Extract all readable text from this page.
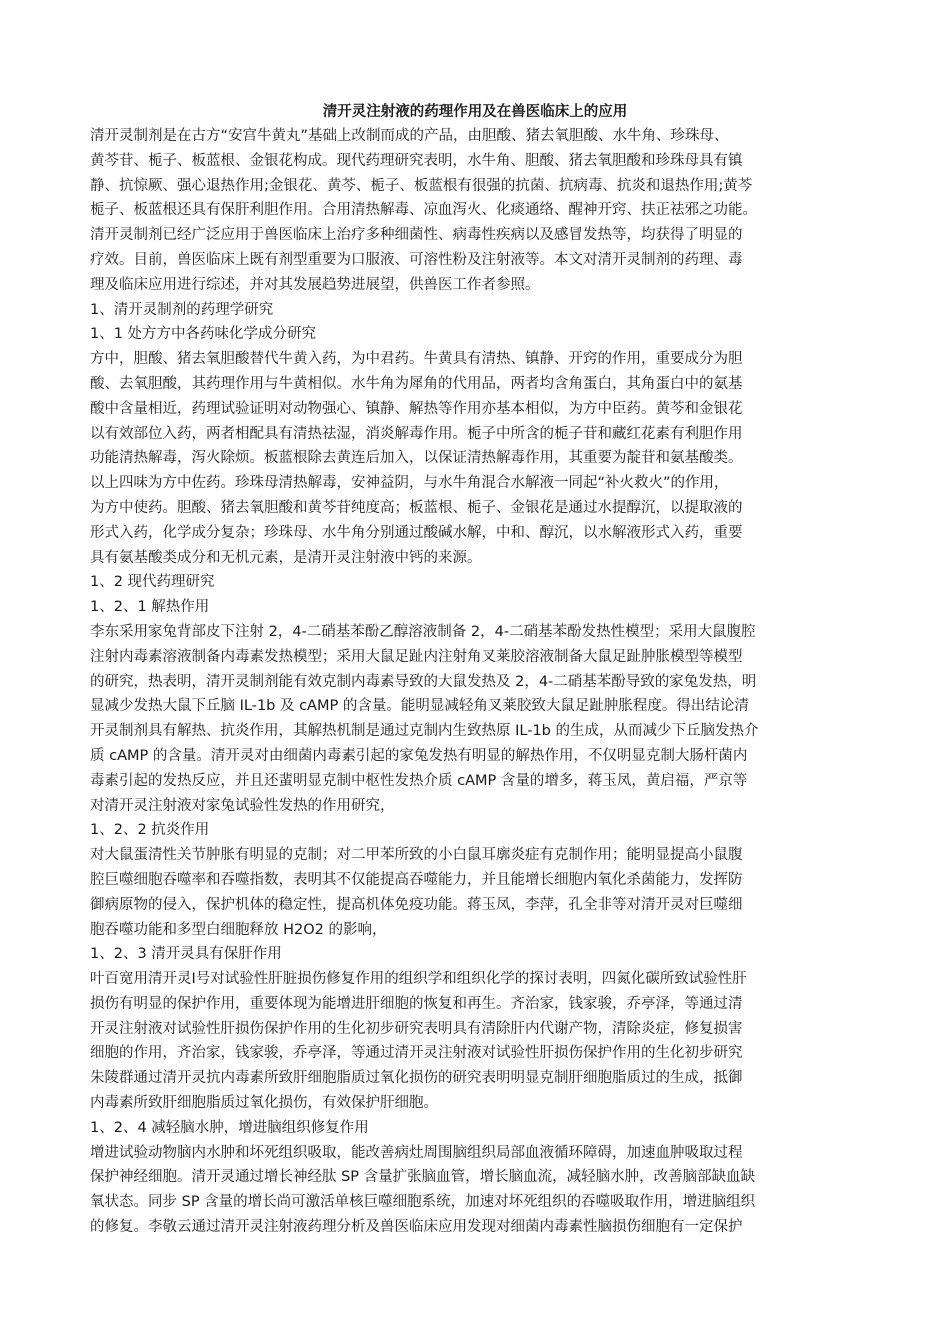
清开灵注射液的药理作用及在兽医临床上的应用
清开灵制剂是在古方“安宫牛黄丸”基础上改制而成的产品，由胆酸、猪去氧胆酸、水牛角、珍珠母、
黄芩苷、栀子、板蓝根、金银花构成。现代药理研究表明，水牛角、胆酸、猪去氧胆酸和珍珠母具有镇
静、抗惊厥、强心退热作用;金银花、黄芩、栀子、板蓝根有很强的抗菌、抗病毒、抗炎和退热作用;黄芩
栀子、板蓝根还具有保肝利胆作用。合用清热解毒、凉血泻火、化痰通络、醒神开窍、扶正祛邪之功能。
清开灵制剂已经广泛应用于兽医临床上治疗多种细菌性、病毒性疾病以及感冒发热等，均获得了明显的
疗效。目前，兽医临床上既有剂型重要为口服液、可溶性粉及注射液等。本文对清开灵制剂的药理、毒
理及临床应用进行综述，并对其发展趋势进展望，供兽医工作者参照。
1、清开灵制剂的药理学研究
1、1 处方方中各药味化学成分研究
方中，胆酸、猪去氧胆酸替代牛黄入药，为中君药。牛黄具有清热、镇静、开窍的作用，重要成分为胆
酸、去氧胆酸，其药理作用与牛黄相似。水牛角为犀角的代用品，两者均含角蛋白，其角蛋白中的氨基
酸中含量相近，药理试验证明对动物强心、镇静、解热等作用亦基本相似，为方中臣药。黄芩和金银花
以有效部位入药，两者相配具有清热祛湿，消炎解毒作用。栀子中所含的栀子苷和藏红花素有利胆作用
功能清热解毒，泻火除烦。板蓝根除去黄连后加入，以保证清热解毒作用，其重要为靛苷和氨基酸类。
以上四味为方中佐药。珍珠母清热解毒，安神益阴，与水牛角混合水解液一同起“补火救火”的作用，
为方中使药。胆酸、猪去氧胆酸和黄芩苷纯度高；板蓝根、栀子、金银花是通过水提醇沉，以提取液的
形式入药，化学成分复杂；珍珠母、水牛角分别通过酸碱水解，中和、醇沉，以水解液形式入药，重要
具有氨基酸类成分和无机元素，是清开灵注射液中钙的来源。
1、2 现代药理研究
1、2、1 解热作用
李东采用家兔背部皮下注射 2，4-二硝基苯酚乙醇溶液制备 2，4-二硝基苯酚发热性模型；采用大鼠腹腔
注射内毒素溶液制备内毒素发热模型；采用大鼠足趾内注射角叉莱胶溶液制备大鼠足趾肿胀模型等模型
的研究，热表明，清开灵制剂能有效克制内毒素导致的大鼠发热及 2，4-二硝基苯酚导致的家兔发热，明
显减少发热大鼠下丘脑 IL-1b 及 cAMP 的含量。能明显减轻角叉莱胶致大鼠足趾肿胀程度。得出结论清
开灵制剂具有解热、抗炎作用，其解热机制是通过克制内生致热原 IL-1b 的生成，从而减少下丘脑发热介
质 cAMP 的含量。清开灵对由细菌内毒素引起的家兔发热有明显的解热作用，不仅明显克制大肠杆菌内
毒素引起的发热反应，并且还蜚明显克制中枢性发热介质 cAMP 含量的增多，蒋玉凤，黄启福，严京等
对清开灵注射液对家兔试验性发热的作用研究，
1、2、2 抗炎作用
对大鼠蛋清性关节肿胀有明显的克制；对二甲苯所致的小白鼠耳廓炎症有克制作用；能明显提高小鼠腹
腔巨噬细胞吞噬率和吞噬指数，表明其不仅能提高吞噬能力，并且能增长细胞内氧化杀菌能力，发挥防
御病原物的侵入，保护机体的稳定性，提高机体免疫功能。蒋玉凤，李萍，孔全非等对清开灵对巨噬细
胞吞噬功能和多型白细胞释放 H2O2 的影响，
1、2、3 清开灵具有保肝作用
叶百宽用清开灵Ⅰ号对试验性肝脏损伤修复作用的组织学和组织化学的探讨表明，四氮化碳所致试验性肝
损伤有明显的保护作用，重要体现为能增进肝细胞的恢复和再生。齐治家，钱家骏，乔亭泽，等通过清
开灵注射液对试验性肝损伤保护作用的生化初步研究表明具有清除肝内代谢产物，清除炎症，修复损害
细胞的作用，齐治家，钱家骏，乔亭泽，等通过清开灵注射液对试验性肝损伤保护作用的生化初步研究
朱陵群通过清开灵抗内毒素所致肝细胞脂质过氧化损伤的研究表明明显克制肝细胞脂质过的生成，抵御
内毒素所致肝细胞脂质过氧化损伤，有效保护肝细胞。
1、2、4 减轻脑水肿，增进脑组织修复作用
增进试验动物脑内水肿和坏死组织吸取，能改善病灶周围脑组织局部血液循环障碍，加速血肿吸取过程
保护神经细胞。清开灵通过增长神经肽 SP 含量扩张脑血管，增长脑血流，减轻脑水肿，改善脑部缺血缺
氧状态。同步 SP 含量的增长尚可激活单核巨噬细胞系统，加速对坏死组织的吞噬吸取作用，增进脑组织
的修复。李敬云通过清开灵注射液药理分析及兽医临床应用发现对细菌内毒素性脑损伤细胞有一定保护
